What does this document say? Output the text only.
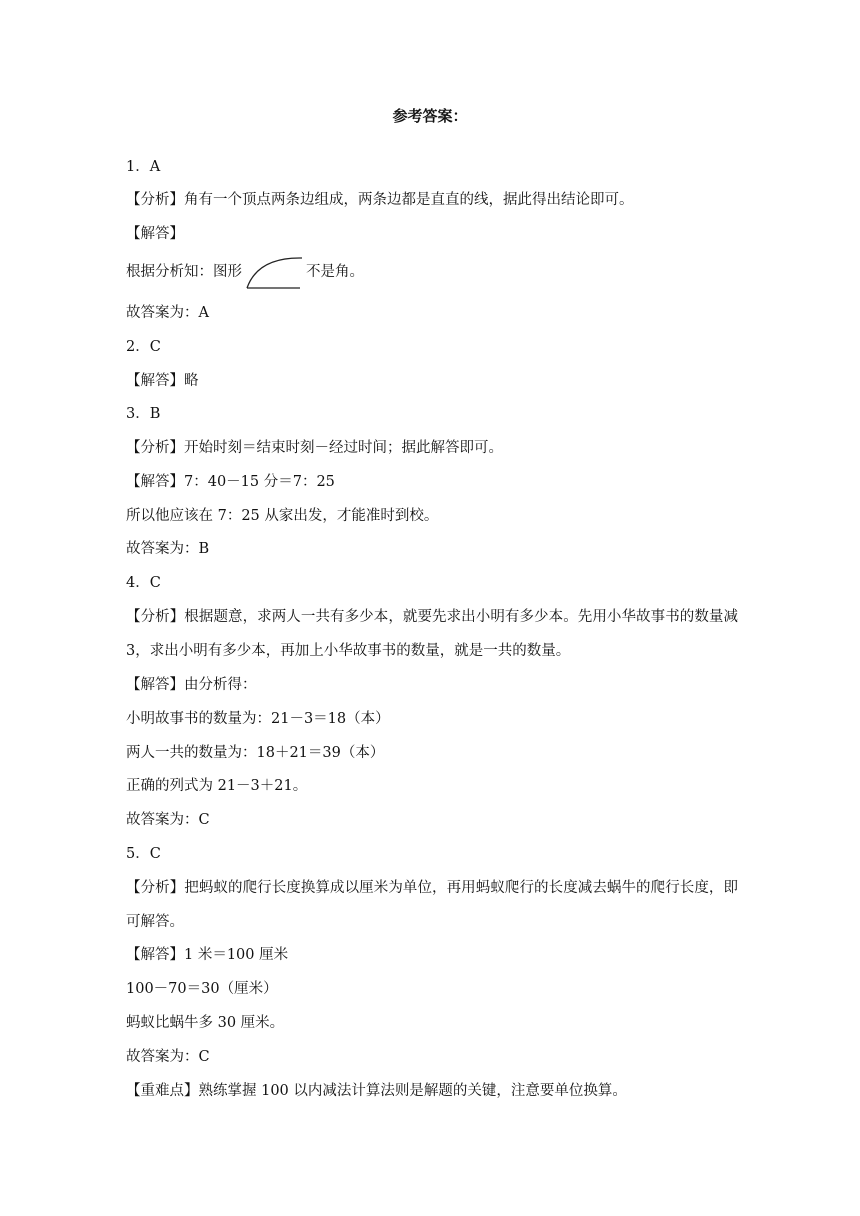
参考答案：
1．A
【分析】角有一个顶点两条边组成，两条边都是直直的线，据此得出结论即可。
【解答】
根据分析知：图形	不是角。
故答案为：A
2．C
【解答】略
3．B
【分析】开始时刻＝结束时刻－经过时间；据此解答即可。
【解答】7：40－15 分＝7：25
所以他应该在 7：25 从家出发，才能准时到校。
故答案为：B
4．C
【分析】根据题意，求两人一共有多少本，就要先求出小明有多少本。先用小华故事书的数量减 3，求出小明有多少本，再加上小华故事书的数量，就是一共的数量。
【解答】由分析得：
小明故事书的数量为：21－3＝18（本）
两人一共的数量为：18＋21＝39（本）
正确的列式为 21－3＋21。
故答案为：C
5．C
【分析】把蚂蚁的爬行长度换算成以厘米为单位，再用蚂蚁爬行的长度减去蜗牛的爬行长度，即可解答。
【解答】1 米＝100 厘米
100－70＝30（厘米）
蚂蚁比蜗牛多 30 厘米。
故答案为：C
【重难点】熟练掌握 100 以内减法计算法则是解题的关键，注意要单位换算。
